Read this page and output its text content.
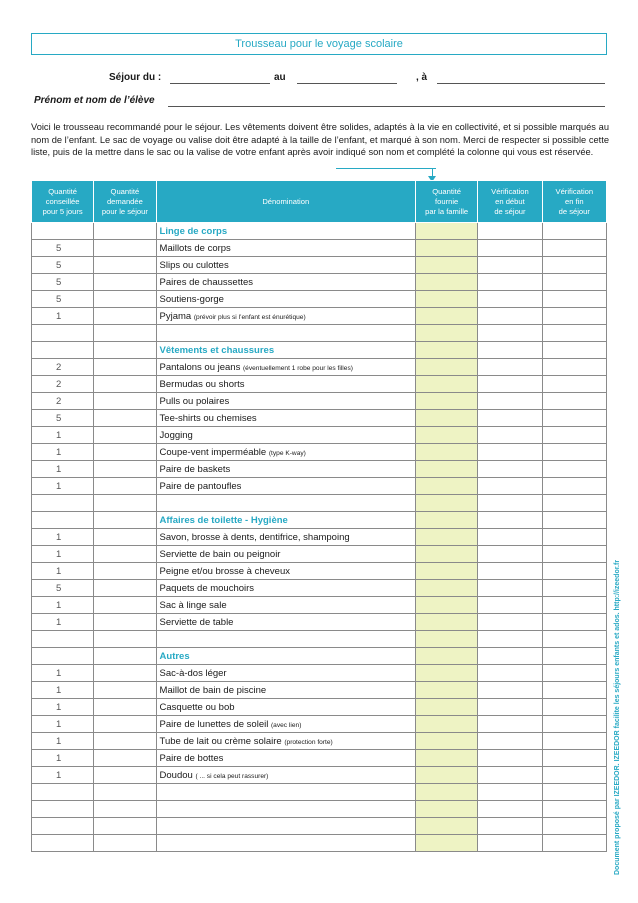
Trousseau pour le voyage scolaire
Séjour du :	au	, à
Prénom et nom de l’élève
Voici le trousseau recommandé pour le séjour. Les vêtements doivent être solides, adaptés à la vie en collectivité, et si possible marqués au nom de l’enfant. Le sac de voyage ou valise doit être adapté à la taille de l’enfant, et marqué à son nom. Merci de respecter si possible cette liste, puis de la mettre dans le sac ou la valise de votre enfant après avoir indiqué son nom et complété la colonne qui vous est réservée.
Quantité
conseillée
pour 5 jours	Quantité
demandée
pour le séjour	Dénomination	Quantité
fournie
par la famille	Vérification
en début
de séjour	Vérification
en fin
de séjour
		Linge de corps			
5		Maillots de corps			
5		Slips ou culottes			
5		Paires de chaussettes			
5		Soutiens-gorge			
1		Pyjama (prévoir plus si l’enfant est énurétique)			

		Vêtements et chaussures			
2		Pantalons ou jeans (éventuellement 1 robe pour les filles)			
2		Bermudas ou shorts			
2		Pulls ou polaires			
5		Tee-shirts ou chemises			
1		Jogging			
1		Coupe-vent imperméable (type K-way)			
1		Paire de baskets			
1		Paire de pantoufles			

		Affaires de toilette - Hygiène			
1		Savon, brosse à dents, dentifrice, shampoing			
1		Serviette de bain ou peignoir			
1		Peigne et/ou brosse à cheveux			
5		Paquets de mouchoirs			
1		Sac à linge sale			
1		Serviette de table			

		Autres			
1		Sac-à-dos léger			
1		Maillot de bain de piscine			
1		Casquette ou bob			
1		Paire de lunettes de soleil (avec lien)			
1		Tube de lait ou crème solaire (protection forte)			
1		Paire de bottes			
1		Doudou ( ... si cela peut rassurer)			

						Document proposé par IZEEDOR. IZEEDOR facilite les séjours enfants et ados. http://izeedor.fr
